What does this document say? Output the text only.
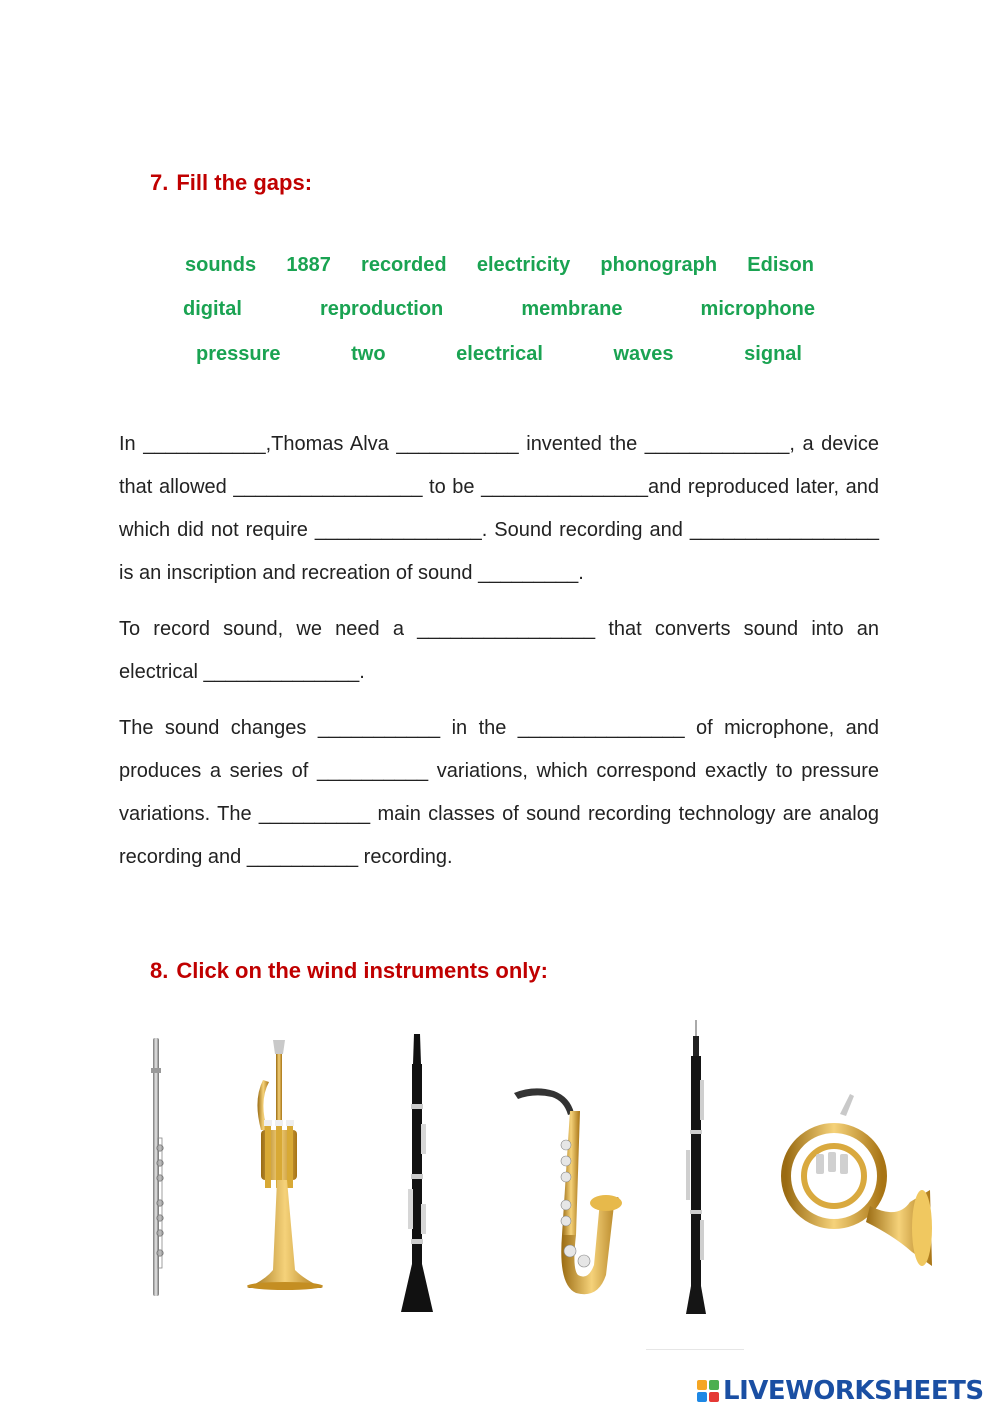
7. Fill the gaps:
sounds 1887 recorded electricity phonograph Edison
digital	reproduction	membrane	microphone
pressure	two	electrical	waves	signal

In ___________,Thomas Alva ___________ invented the _____________, a device that allowed _________________ to be _______________and reproduced later, and which did not require _______________. Sound recording and _________________ is an inscription and recreation of sound _________.

To record sound, we need a ________________ that converts sound into an electrical ______________.

The sound changes ___________ in the _______________ of microphone, and produces a series of __________ variations, which correspond exactly to pressure variations. The __________ main classes of sound recording technology are analog recording and __________ recording.

8. Click on the wind instruments only:
LIVEWORKSHEETS
